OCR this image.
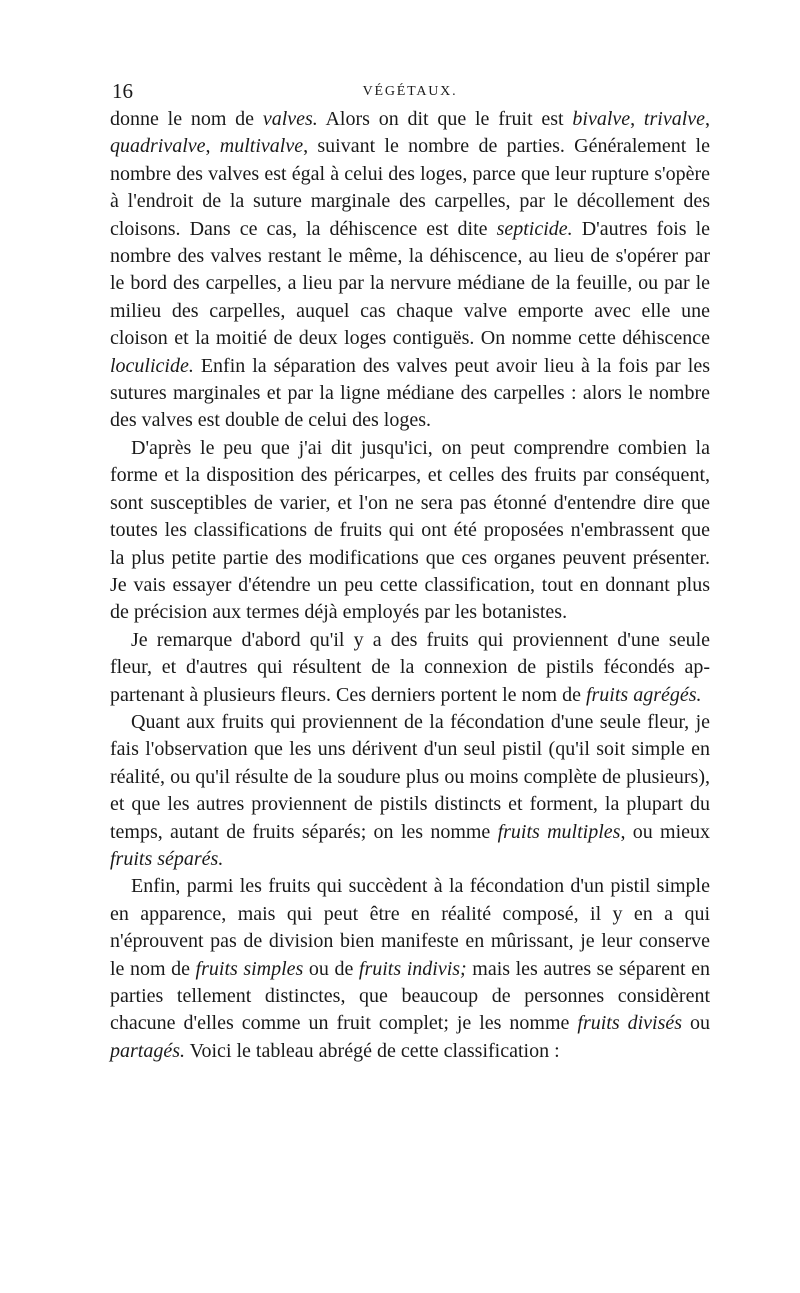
16	VÉGÉTAUX.

donne le nom de valves. Alors on dit que le fruit est bivalve, trivalve, quadrivalve, multivalve, suivant le nombre de parties. Généralement le nombre des valves est égal à celui des loges, parce que leur rupture s'opère à l'endroit de la suture marginale des carpelles, par le décollement des cloisons. Dans ce cas, la déhiscence est dite septicide. D'autres fois le nombre des valves restant le même, la déhiscence, au lieu de s'opérer par le bord des carpelles, a lieu par la nervure médiane de la feuille, ou par le milieu des carpelles, auquel cas chaque valve emporte avec elle une cloison et la moitié de deux loges contiguës. On nomme cette déhiscence loculicide. Enfin la séparation des valves peut avoir lieu à la fois par les sutures marginales et par la ligne médiane des carpelles : alors le nombre des valves est double de celui des loges.

D'après le peu que j'ai dit jusqu'ici, on peut comprendre combien la forme et la disposition des péricarpes, et celles des fruits par conséquent, sont susceptibles de varier, et l'on ne sera pas étonné d'entendre dire que toutes les classifications de fruits qui ont été proposées n'embrassent que la plus petite partie des modifications que ces organes peuvent présenter. Je vais essayer d'étendre un peu cette classification, tout en donnant plus de précision aux termes déjà employés par les botanistes.

Je remarque d'abord qu'il y a des fruits qui proviennent d'une seule fleur, et d'autres qui résultent de la connexion de pistils fécondés appartenant à plusieurs fleurs. Ces derniers portent le nom de fruits agrégés.

Quant aux fruits qui proviennent de la fécondation d'une seule fleur, je fais l'observation que les uns dérivent d'un seul pistil (qu'il soit simple en réalité, ou qu'il résulte de la soudure plus ou moins complète de plusieurs), et que les autres proviennent de pistils distincts et forment, la plupart du temps, autant de fruits séparés; on les nomme fruits multiples, ou mieux fruits séparés.

Enfin, parmi les fruits qui succèdent à la fécondation d'un pistil simple en apparence, mais qui peut être en réalité composé, il y en a qui n'éprouvent pas de division bien manifeste en mûrissant, je leur conserve le nom de fruits simples ou de fruits indivis; mais les autres se séparent en parties tellement distinctes, que beaucoup de personnes considèrent chacune d'elles comme un fruit complet; je les nomme fruits divisés ou partagés. Voici le tableau abrégé de cette classification :
